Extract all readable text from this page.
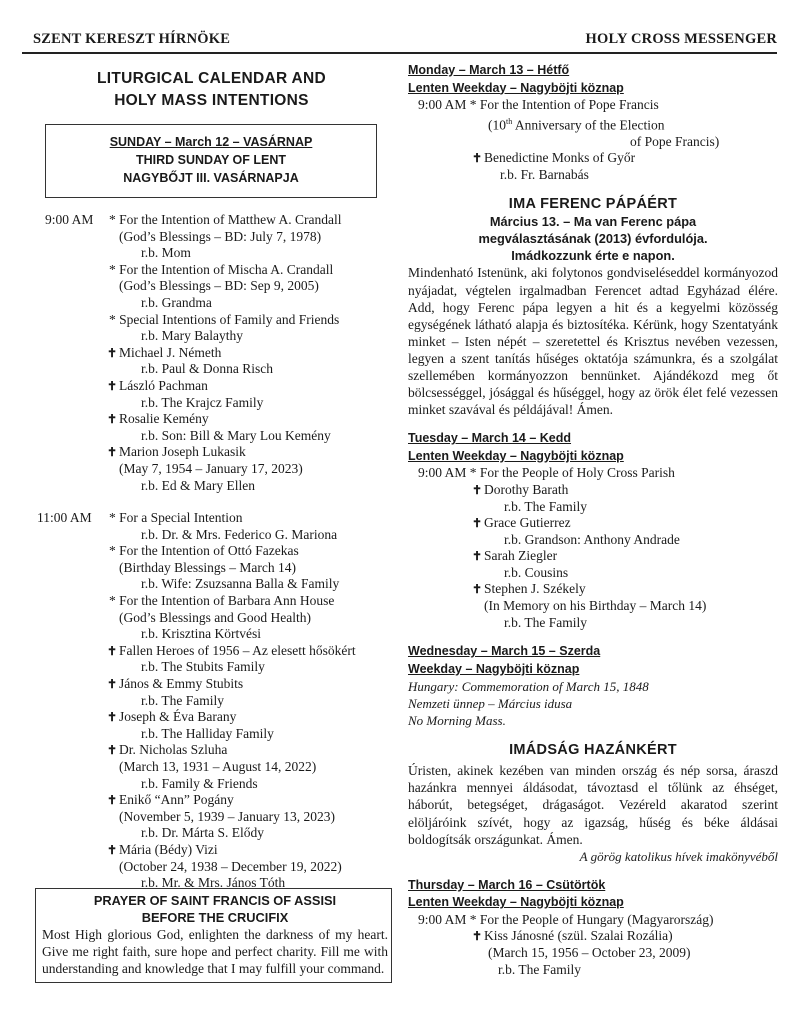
SZENT KERESZT HÍRNÖKE	HOLY CROSS MESSENGER
LITURGICAL CALENDAR AND
HOLY MASS INTENTIONS
SUNDAY – March 12 – VASÁRNAP
THIRD SUNDAY OF LENT
NAGYBŐJT III. VASÁRNAPJA
9:00 AM * For the Intention of Matthew A. Crandall
(God’s Blessings – BD: July 7, 1978)
r.b. Mom
* For the Intention of Mischa A. Crandall
(God’s Blessings – BD: Sep 9, 2005)
r.b. Grandma
* Special Intentions of Family and Friends
r.b. Mary Balaythy
✝ Michael J. Németh
r.b. Paul & Donna Risch
✝ László Pachman
r.b. The Krajcz Family
✝ Rosalie Kemény
r.b. Son: Bill & Mary Lou Kemény
✝ Marion Joseph Lukasik
(May 7, 1954 – January 17, 2023)
r.b. Ed & Mary Ellen
11:00 AM * For a Special Intention
r.b. Dr. & Mrs. Federico G. Mariona
* For the Intention of Ottó Fazekas
(Birthday Blessings – March 14)
r.b. Wife: Zsuzsanna Balla & Family
* For the Intention of Barbara Ann House
(God’s Blessings and Good Health)
r.b. Krisztina Körtvési
✝ Fallen Heroes of 1956 – Az elesett hősökért
r.b. The Stubits Family
✝ János & Emmy Stubits
r.b. The Family
✝ Joseph & Éva Barany
r.b. The Halliday Family
✝ Dr. Nicholas Szluha
(March 13, 1931 – August 14, 2022)
r.b. Family & Friends
✝ Enikő “Ann” Pogány
(November 5, 1939 – January 13, 2023)
r.b. Dr. Márta S. Elődy
✝ Mária (Bédy) Vizi
(October 24, 1938 – December 19, 2022)
r.b. Mr. & Mrs. János Tóth
PRAYER OF SAINT FRANCIS OF ASSISI
BEFORE THE CRUCIFIX
Most High glorious God, enlighten the darkness of my heart. Give me right faith, sure hope and perfect charity. Fill me with understanding and knowledge that I may fulfill your command.
Monday – March 13 – Hétfő
Lenten Weekday – Nagyböjti köznap
9:00 AM * For the Intention of Pope Francis
(10th Anniversary of the Election
of Pope Francis)
✝ Benedictine Monks of Győr
r.b. Fr. Barnabás
IMA FERENC PÁPÁÉRT
Március 13. – Ma van Ferenc pápa
megválasztásának (2013) évfordulója.
Imádkozzunk érte e napon.
Mindenható Istenünk, aki folytonos gondviseléseddel kormányozod nyájadat, végtelen irgalmadban Ferencet adtad Egyházad élére. Add, hogy Ferenc pápa legyen a hit és a kegyelmi közösség egységének látható alapja és biztosítéka. Kérünk, hogy Szentatyánk minket – Isten népét – szeretettel és Krisztus nevében vezessen, legyen a szent tanítás hűséges oktatója számunkra, és a szolgálat szellemében kormányozzon bennünket. Ajándékozd meg őt bölcsességgel, jósággal és hűséggel, hogy az örök élet felé vezessen minket szavával és példájával! Ámen.
Tuesday – March 14 – Kedd
Lenten Weekday – Nagyböjti köznap
9:00 AM * For the People of Holy Cross Parish
✝ Dorothy Barath
r.b. The Family
✝ Grace Gutierrez
r.b. Grandson: Anthony Andrade
✝ Sarah Ziegler
r.b. Cousins
✝ Stephen J. Székely
(In Memory on his Birthday – March 14)
r.b. The Family
Wednesday – March 15 – Szerda
Weekday – Nagyböjti köznap
Hungary: Commemoration of March 15, 1848
Nemzeti ünnep – Március idusa
No Morning Mass.
IMÁDSÁG HAZÁNKÉRT
Úristen, akinek kezében van minden ország és nép sorsa, áraszd hazánkra mennyei áldásodat, távoztasd el tőlünk az éhséget, háborút, betegséget, drágaságot. Vezéreld akaratod szerint elöljáróink szívét, hogy az igazság, hűség és béke áldásai boldogítsák országunkat. Ámen.
A görög katolikus hívek imakönyvéből
Thursday – March 16 – Csütörtök
Lenten Weekday – Nagyböjti köznap
9:00 AM * For the People of Hungary (Magyarország)
✝ Kiss Jánosné (szül. Szalai Rozália)
(March 15, 1956 – October 23, 2009)
r.b. The Family
